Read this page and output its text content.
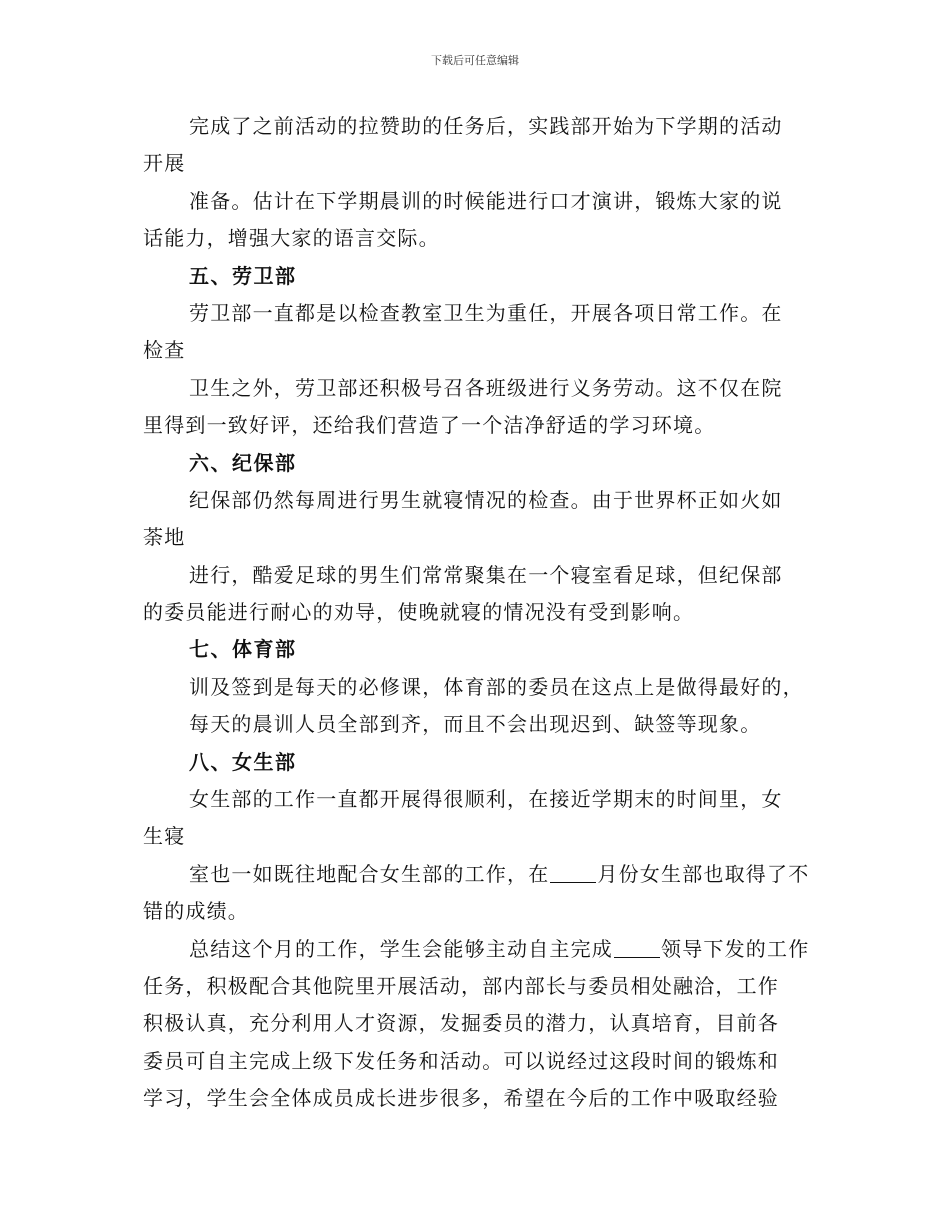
下载后可任意编辑
完成了之前活动的拉赞助的任务后，实践部开始为下学期的活动
开展
准备。估计在下学期晨训的时候能进行口才演讲，锻炼大家的说
话能力，增强大家的语言交际。
五、劳卫部
劳卫部一直都是以检查教室卫生为重任，开展各项日常工作。在
检查
卫生之外，劳卫部还积极号召各班级进行义务劳动。这不仅在院
里得到一致好评，还给我们营造了一个洁净舒适的学习环境。
六、纪保部
纪保部仍然每周进行男生就寝情况的检查。由于世界杯正如火如
荼地
进行，酷爱足球的男生们常常聚集在一个寝室看足球，但纪保部
的委员能进行耐心的劝导，使晚就寝的情况没有受到影响。
七、体育部
训及签到是每天的必修课，体育部的委员在这点上是做得最好的，
每天的晨训人员全部到齐，而且不会出现迟到、缺签等现象。
八、女生部
女生部的工作一直都开展得很顺利，在接近学期末的时间里，女
生寝
室也一如既往地配合女生部的工作，在 月份女生部也取得了不
错的成绩。
总结这个月的工作，学生会能够主动自主完成 领导下发的工作
任务，积极配合其他院里开展活动，部内部长与委员相处融洽，工作
积极认真，充分利用人才资源，发掘委员的潜力，认真培育，目前各
委员可自主完成上级下发任务和活动。可以说经过这段时间的锻炼和
学习，学生会全体成员成长进步很多，希望在今后的工作中吸取经验
